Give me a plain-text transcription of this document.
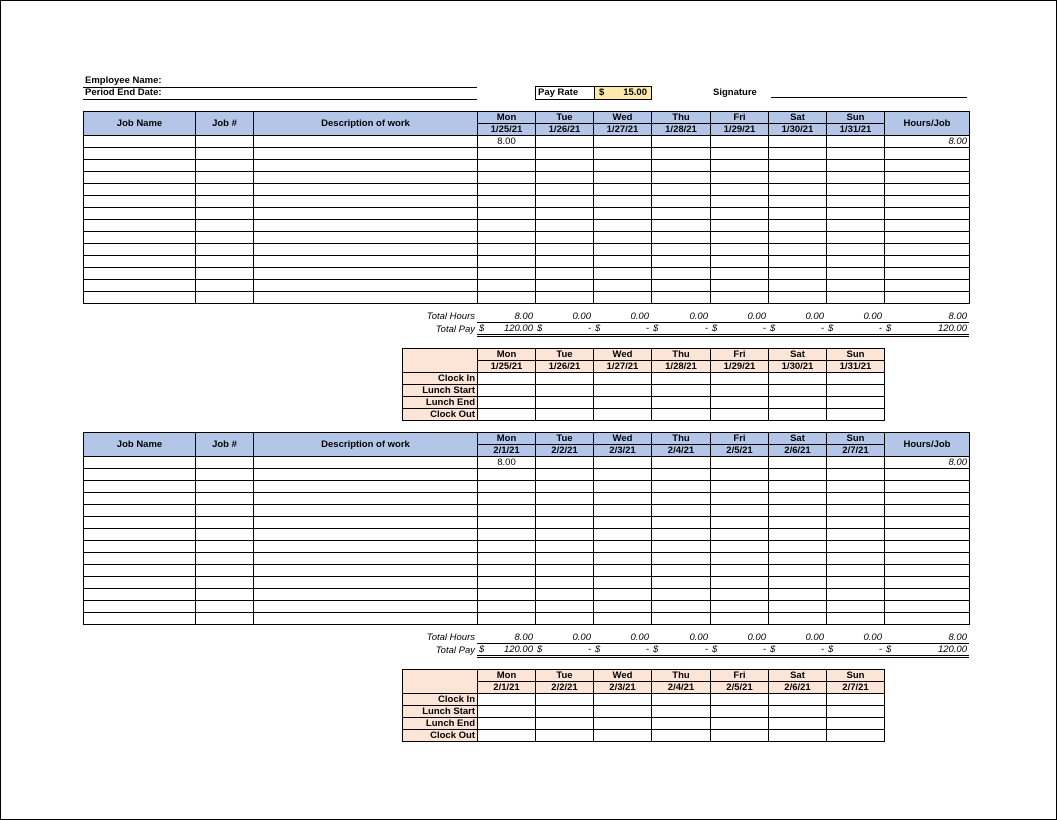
Employee Name:
Period End Date:	Pay Rate	$ 15.00	Signature
Job Name	Job #	Description of work	Mon	Tue	Wed	Thu	Fri	Sat	Sun	Hours/Job
			1/25/21	1/26/21	1/27/21	1/28/21	1/29/21	1/30/21	1/31/21	
			8.00							8.00

Total Hours	8.00	0.00	0.00	0.00	0.00	0.00	0.00	8.00
Total Pay	$ 120.00	$ -	$ -	$ -	$ -	$ -	$ -	$ 120.00
	Mon	Tue	Wed	Thu	Fri	Sat	Sun
	1/25/21	1/26/21	1/27/21	1/28/21	1/29/21	1/30/21	1/31/21
Clock In							
Lunch Start							
Lunch End							
Clock Out							
Job Name	Job #	Description of work	Mon	Tue	Wed	Thu	Fri	Sat	Sun	Hours/Job
			2/1/21	2/2/21	2/3/21	2/4/21	2/5/21	2/6/21	2/7/21	
			8.00							8.00

Total Hours	8.00	0.00	0.00	0.00	0.00	0.00	0.00	8.00
Total Pay	$ 120.00	$ -	$ -	$ -	$ -	$ -	$ -	$ 120.00
	Mon	Tue	Wed	Thu	Fri	Sat	Sun
	2/1/21	2/2/21	2/3/21	2/4/21	2/5/21	2/6/21	2/7/21
Clock In							
Lunch Start							
Lunch End							
Clock Out							
